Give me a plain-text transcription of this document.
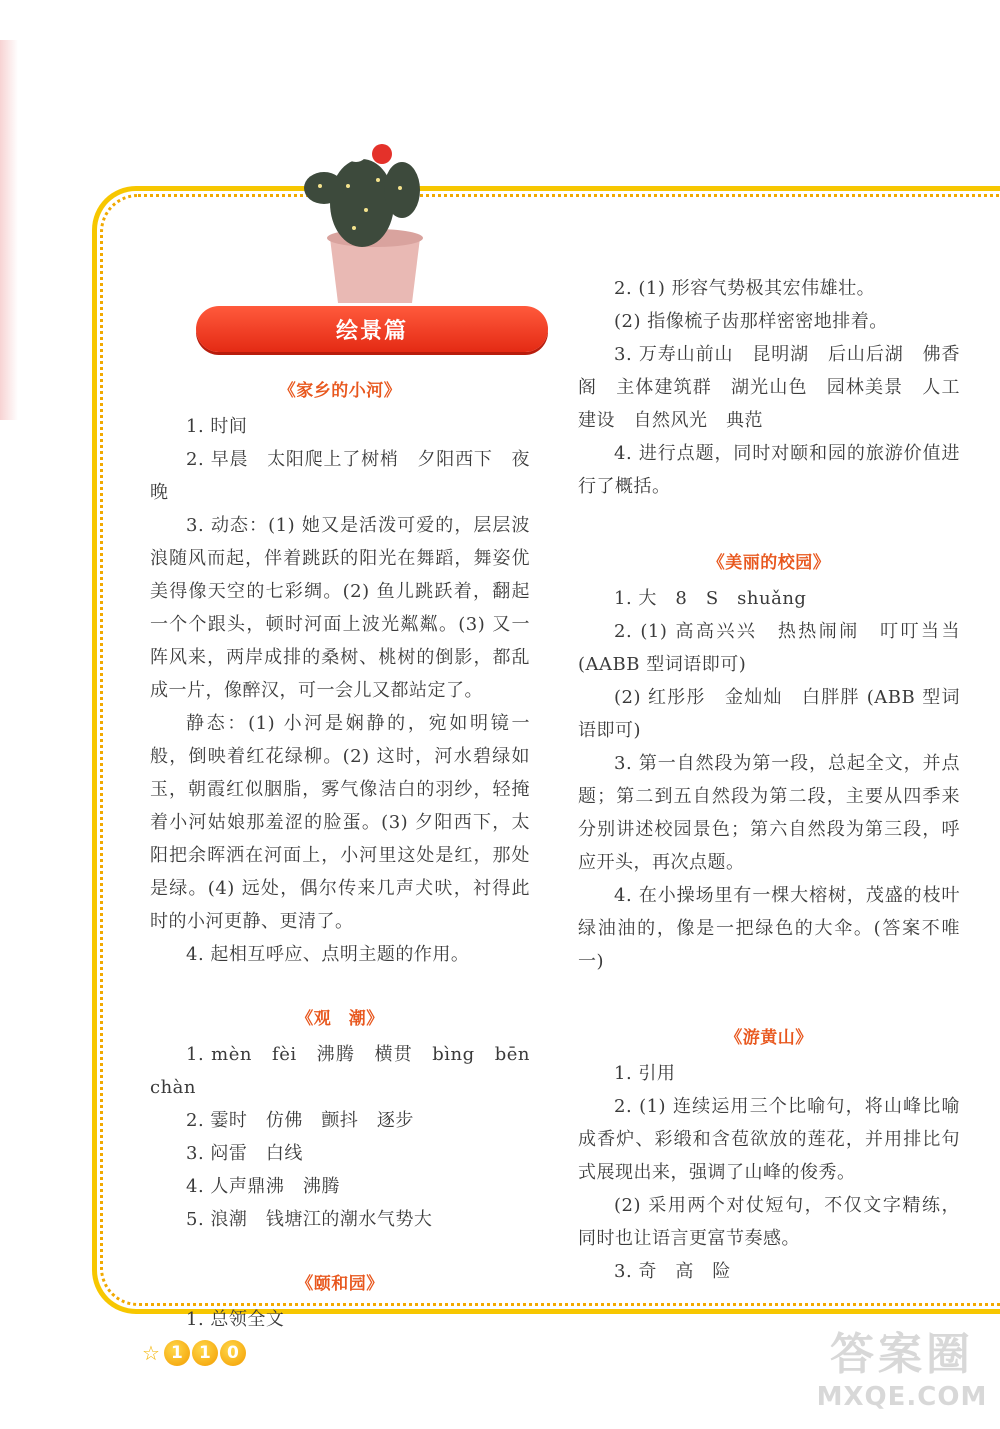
绘景篇
《家乡的小河》

1. 时间

2. 早晨　太阳爬上了树梢　夕阳西下　夜晚

3. 动态：(1) 她又是活泼可爱的，层层波浪随风而起，伴着跳跃的阳光在舞蹈，舞姿优美得像天空的七彩绸。(2) 鱼儿跳跃着，翻起一个个跟头，顿时河面上波光粼粼。(3) 又一阵风来，两岸成排的桑树、桃树的倒影，都乱成一片，像醉汉，可一会儿又都站定了。

静态：(1) 小河是娴静的，宛如明镜一般，倒映着红花绿柳。(2) 这时，河水碧绿如玉，朝霞红似胭脂，雾气像洁白的羽纱，轻掩着小河姑娘那羞涩的脸蛋。(3) 夕阳西下，太阳把余晖洒在河面上，小河里这处是红，那处是绿。(4) 远处，偶尔传来几声犬吠，衬得此时的小河更静、更清了。

4. 起相互呼应、点明主题的作用。

《观　潮》

1. mèn　fèi　沸腾　横贯　bìng　bēn chàn

2. 霎时　仿佛　颤抖　逐步

3. 闷雷　白线

4. 人声鼎沸　沸腾

5. 浪潮　钱塘江的潮水气势大

《颐和园》

1. 总领全文

2. (1) 形容气势极其宏伟雄壮。

(2) 指像梳子齿那样密密地排着。

3. 万寿山前山　昆明湖　后山后湖　佛香阁　主体建筑群　湖光山色　园林美景　人工建设　自然风光　典范

4. 进行点题，同时对颐和园的旅游价值进行了概括。

《美丽的校园》

1. 大　8　S　shuǎng

2. (1) 高高兴兴　热热闹闹　叮叮当当 (AABB 型词语即可)

(2) 红彤彤　金灿灿　白胖胖 (ABB 型词语即可)

3. 第一自然段为第一段，总起全文，并点题；第二到五自然段为第二段，主要从四季来分别讲述校园景色；第六自然段为第三段，呼应开头，再次点题。

4. 在小操场里有一棵大榕树，茂盛的枝叶绿油油的，像是一把绿色的大伞。(答案不唯一)

《游黄山》

1. 引用

2. (1) 连续运用三个比喻句，将山峰比喻成香炉、彩缎和含苞欲放的莲花，并用排比句式展现出来，强调了山峰的俊秀。

(2) 采用两个对仗短句，不仅文字精练，同时也让语言更富节奏感。

3. 奇　高　险

☆ 1 1 0	答案圈
MXQE.COM
